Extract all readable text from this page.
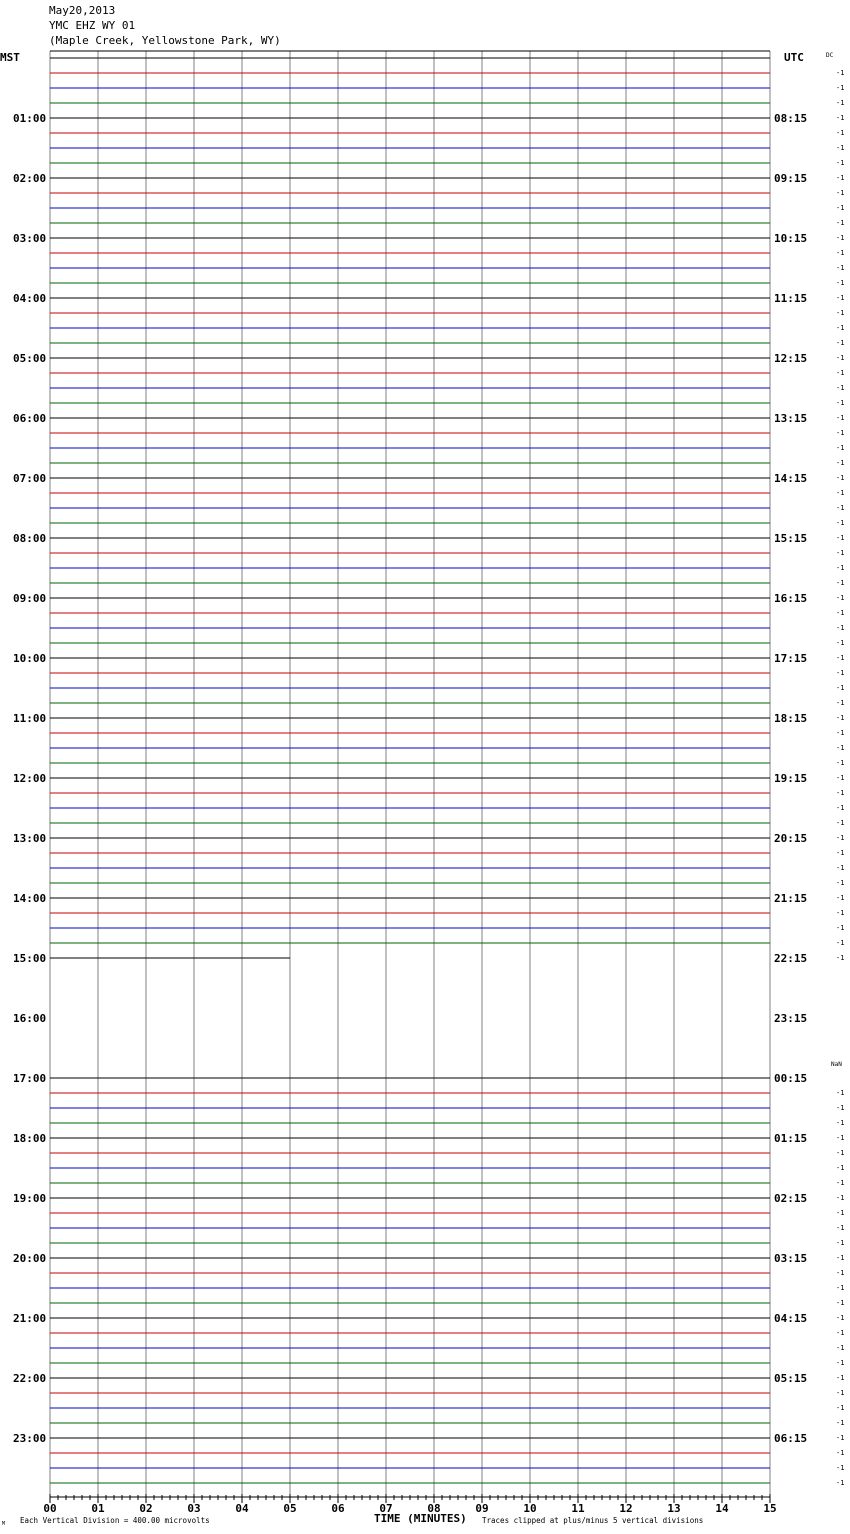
May20,2013
YMC EHZ WY 01
(Maple Creek, Yellowstone Park, WY)
01:00
02:00
03:00
04:00
05:00
06:00
07:00
08:00
09:00
10:00
11:00
12:00
13:00
14:00
15:00
16:00
17:00
18:00
19:00
20:00
21:00
22:00
23:00
08:15
09:15
10:15
11:15
12:15
13:15
14:15
15:15
16:15
17:15
18:15
19:15
20:15
21:15
22:15
23:15
00:15
01:15
02:15
03:15
04:15
05:15
06:15
-1
-1
-1
-1
-1
-1
-1
-1
-1
-1
-1
-1
-1
-1
-1
-1
-1
-1
-1
-1
-1
-1
-1
-1
-1
-1
-1
-1
-1
-1
-1
-1
-1
-1
-1
-1
-1
-1
-1
-1
-1
-1
-1
-1
-1
-1
-1
-1
-1
-1
-1
-1
-1
-1
-1
-1
-1
-1
-1
-1
-1
-1
-1
-1
-1
-1
-1
-1
-1
-1
-1
-1
-1
-1
-1
-1
-1
-1
-1
-1
-1
-1
-1
-1
-1
-1
-1
00	01	02	03	04	05	06	07	08	09	10	11	12	13	14	15
MST	UTC	DC
NaN
TIME (MINUTES)
Each Vertical Division = 400.00 microvolts	Traces clipped at plus/minus 5 vertical divisions
M
